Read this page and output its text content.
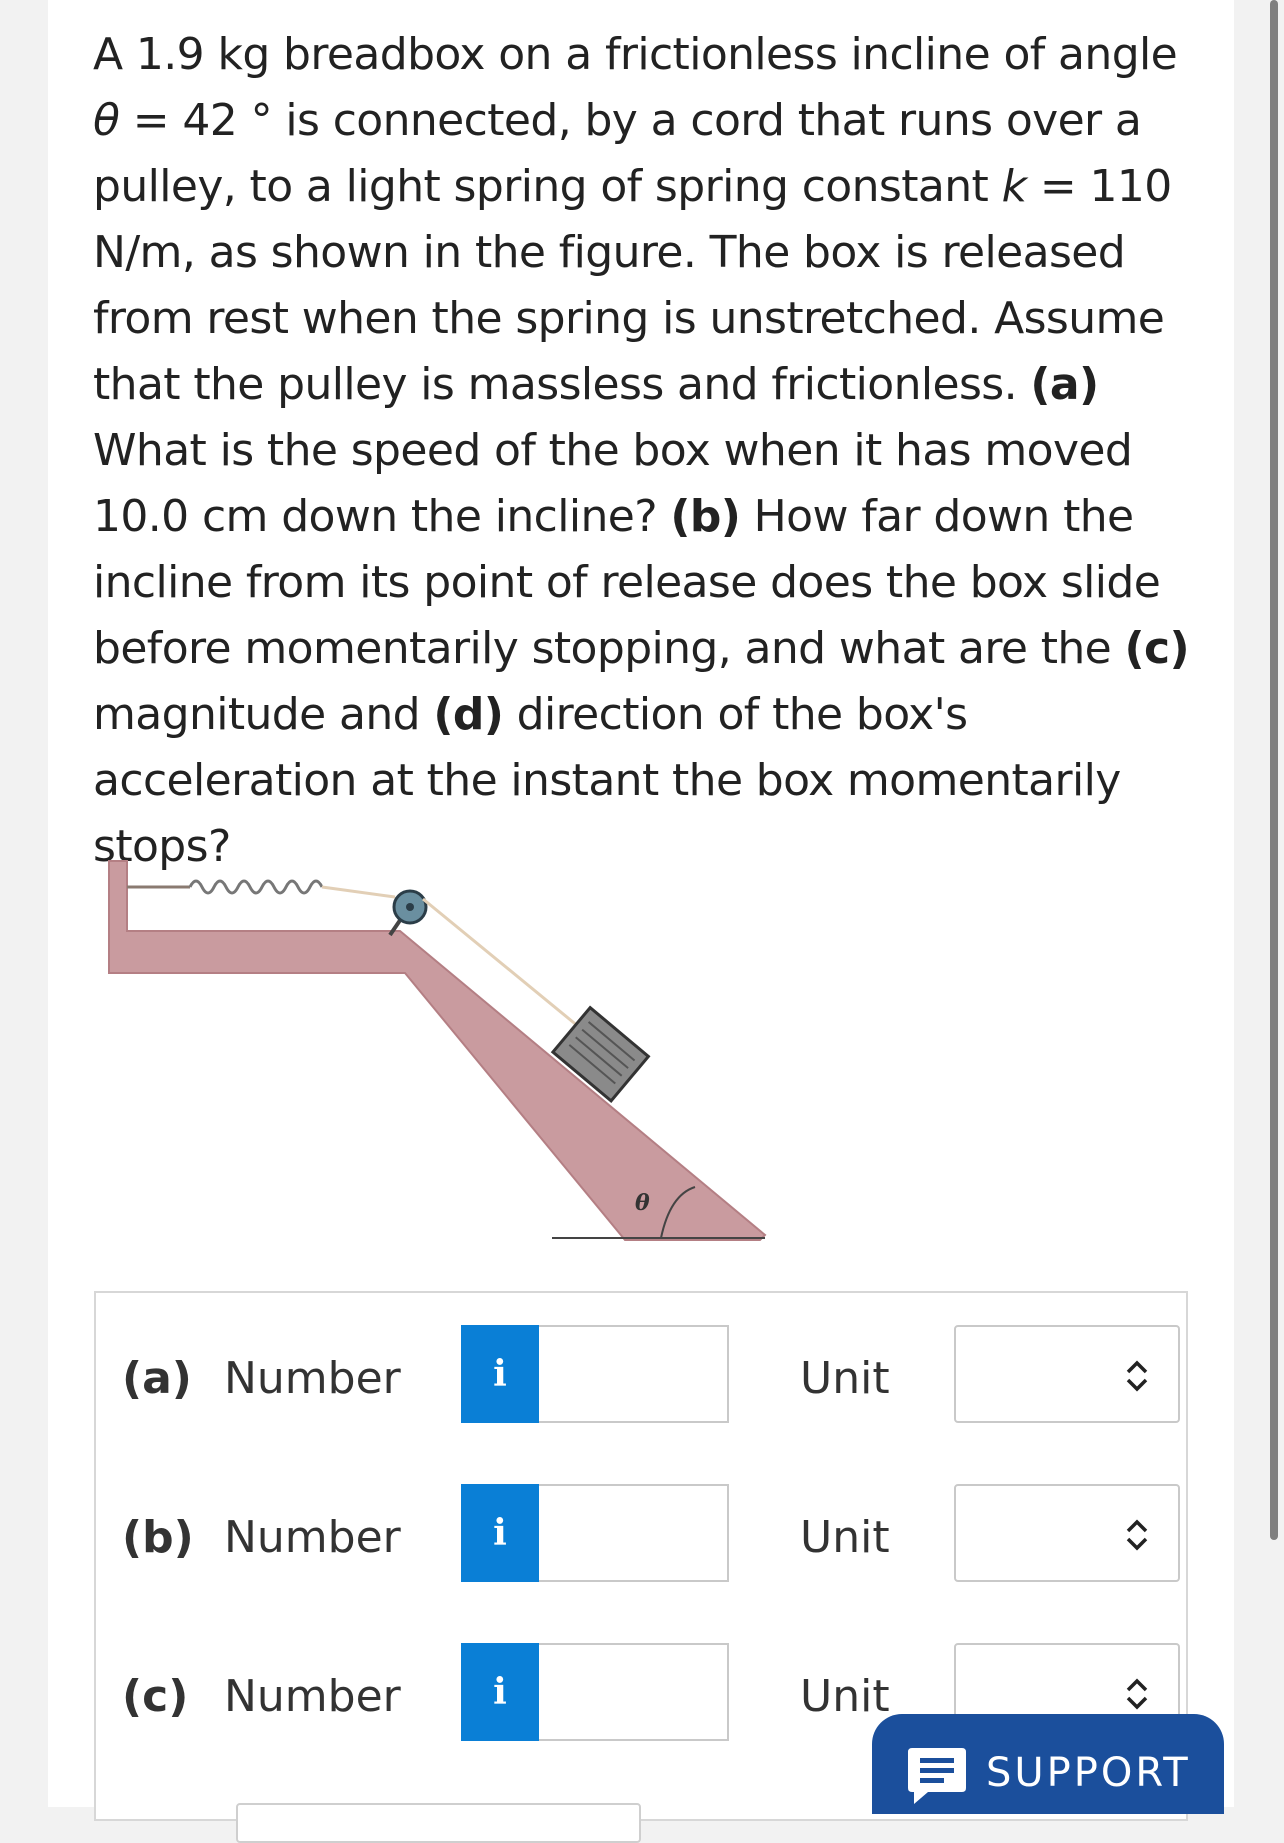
A 1.9 kg breadbox on a frictionless incline of angle
θ = 42 ° is connected, by a cord that runs over a pulley, to a light spring of spring constant k = 110 N/m, as shown in the figure. The box is released from rest when the spring is unstretched. Assume that the pulley is massless and frictionless. (a) What is the speed of the box when it has moved 10.0 cm down the incline? (b) How far down the incline from its point of release does the box slide before momentarily stopping, and what are the (c) magnitude and (d) direction of the box's acceleration at the instant the box momentarily stops?

θ
(a) Number	i	Unit
(b) Number	i	Unit
(c) Number	i	Unit
SUPPORT
